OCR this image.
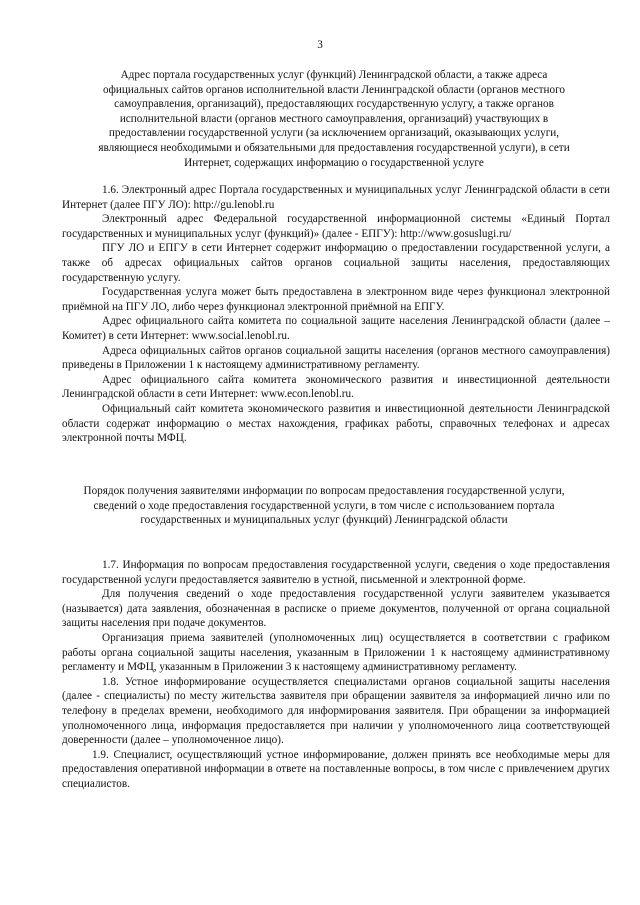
3

Адрес портала государственных услуг (функций) Ленинградской области, а также адреса официальных сайтов органов исполнительной власти Ленинградской области (органов местного самоуправления, организаций), предоставляющих государственную услугу, а также органов исполнительной власти (органов местного самоуправления, организаций) участвующих в предоставлении государственной услуги (за исключением организаций, оказывающих услуги, являющиеся необходимыми и обязательными для предоставления государственной услуги), в сети Интернет, содержащих информацию о государственной услуге

1.6. Электронный адрес Портала государственных и муниципальных услуг Ленинградской области в сети Интернет (далее ПГУ ЛО): http://gu.lenobl.ru

Электронный адрес Федеральной государственной информационной системы «Единый Портал государственных и муниципальных услуг (функций)» (далее - ЕПГУ): http://www.gosuslugi.ru/

ПГУ ЛО и ЕПГУ в сети Интернет содержит информацию о предоставлении государственной услуги, а также об адресах официальных сайтов органов социальной защиты населения, предоставляющих государственную услугу.

Государственная услуга может быть предоставлена в электронном виде через функционал электронной приёмной на ПГУ ЛО, либо через функционал электронной приёмной на ЕПГУ.

Адрес официального сайта комитета по социальной защите населения Ленинградской области (далее – Комитет) в сети Интернет: www.social.lenobl.ru.

Адреса официальных сайтов органов социальной защиты населения (органов местного самоуправления) приведены в Приложении 1 к настоящему административному регламенту.

Адрес официального сайта комитета экономического развития и инвестиционной деятельности Ленинградской области в сети Интернет: www.econ.lenobl.ru.

Официальный сайт комитета экономического развития и инвестиционной деятельности Ленинградской области содержат информацию о местах нахождения, графиках работы, справочных телефонах и адресах электронной почты МФЦ.

Порядок получения заявителями информации по вопросам предоставления государственной услуги, сведений о ходе предоставления государственной услуги, в том числе с использованием портала государственных и муниципальных услуг (функций) Ленинградской области

1.7. Информация по вопросам предоставления государственной услуги, сведения о ходе предоставления государственной услуги предоставляется заявителю в устной, письменной и электронной форме.

Для получения сведений о ходе предоставления государственной услуги заявителем указывается (называется) дата заявления, обозначенная в расписке о приеме документов, полученной от органа социальной защиты населения при подаче документов.

Организация приема заявителей (уполномоченных лиц) осуществляется в соответствии с графиком работы органа социальной защиты населения, указанным в Приложении 1 к настоящему административному регламенту и МФЦ, указанным в Приложении 3 к настоящему административному регламенту.

1.8. Устное информирование осуществляется специалистами органов социальной защиты населения (далее - специалисты) по месту жительства заявителя при обращении заявителя за информацией лично или по телефону в пределах времени, необходимого для информирования заявителя. При обращении за информацией уполномоченного лица, информация предоставляется при наличии у уполномоченного лица соответствующей доверенности (далее – уполномоченное лицо).

1.9. Специалист, осуществляющий устное информирование, должен принять все необходимые меры для предоставления оперативной информации в ответе на поставленные вопросы, в том числе с привлечением других специалистов.
